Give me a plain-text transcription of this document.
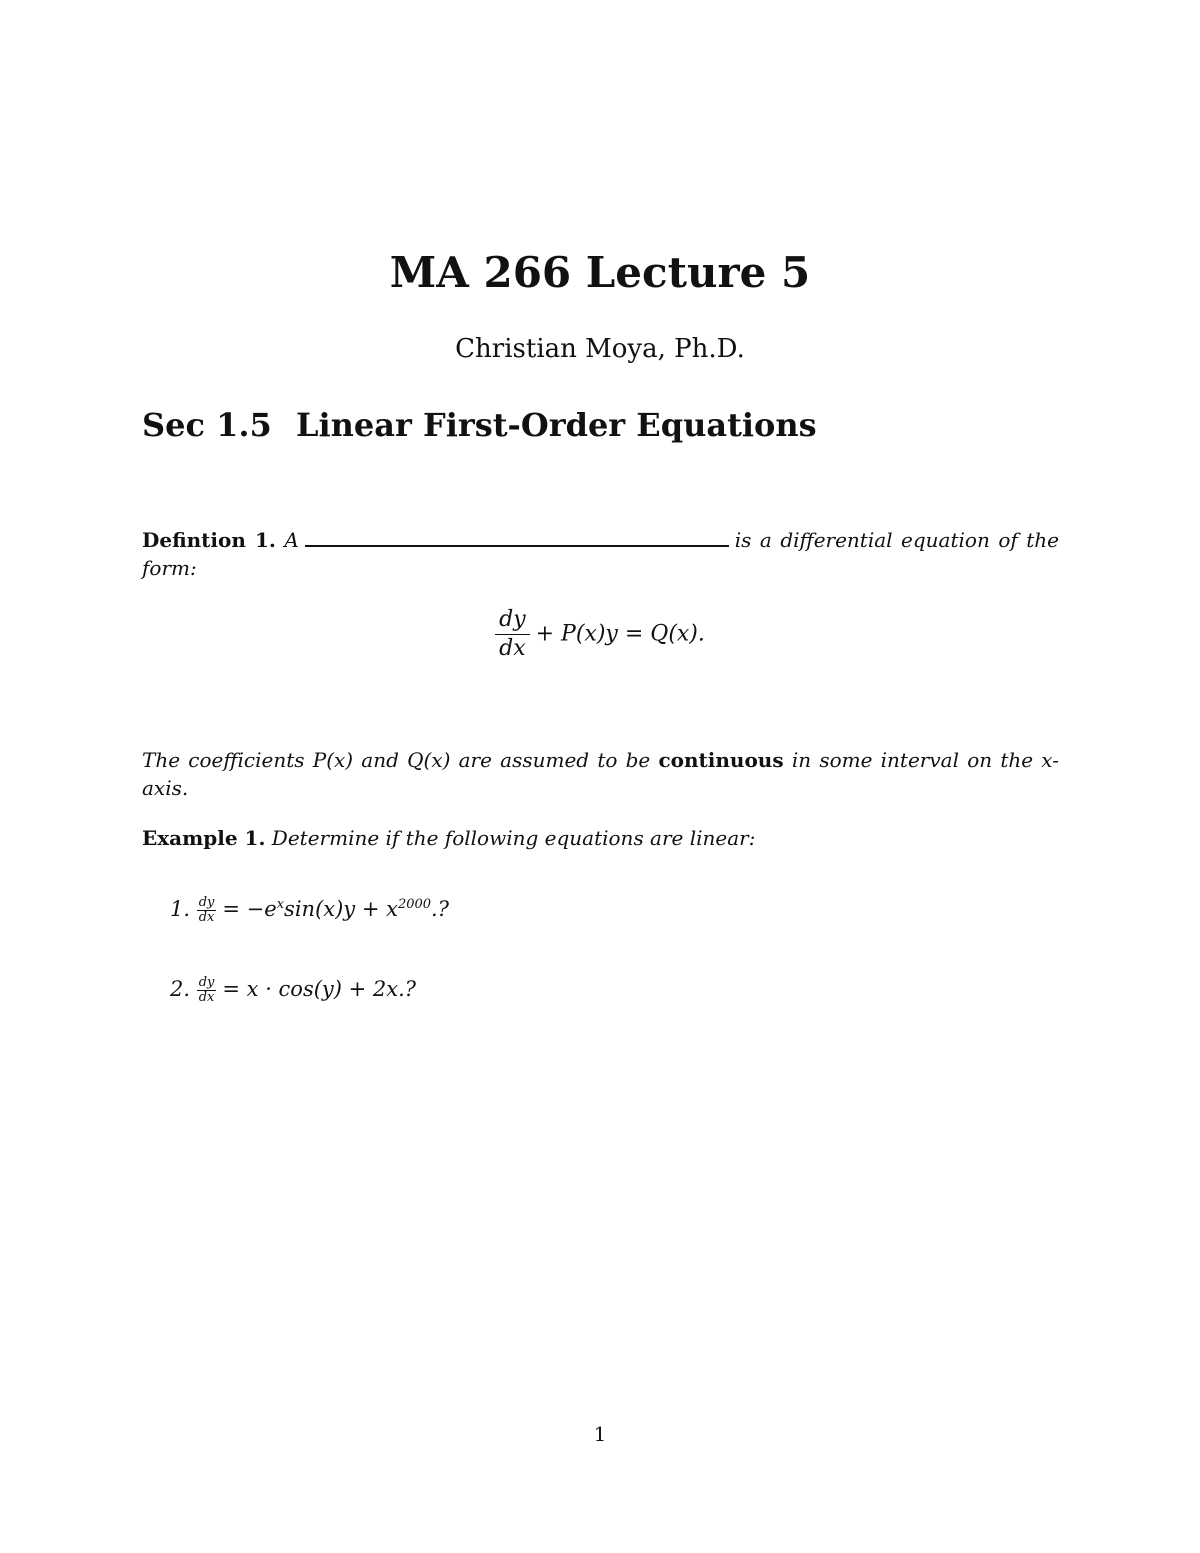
MA 266 Lecture 5
Christian Moya, Ph.D.
Sec 1.5 Linear First-Order Equations
Defintion 1. A	is a differential equation of the form:
$\frac{dy}{dx} + P(x)y = Q(x)$.
The coefficients P(x) and Q(x) are assumed to be continuous in some interval on the x-axis.
Example 1. Determine if the following equations are linear:
1. $\frac{dy}{dx} = -e^x\sin(x)y + x^{2000}$.?
2. $\frac{dy}{dx} = x \cdot \cos(y) + 2x$.?
1
